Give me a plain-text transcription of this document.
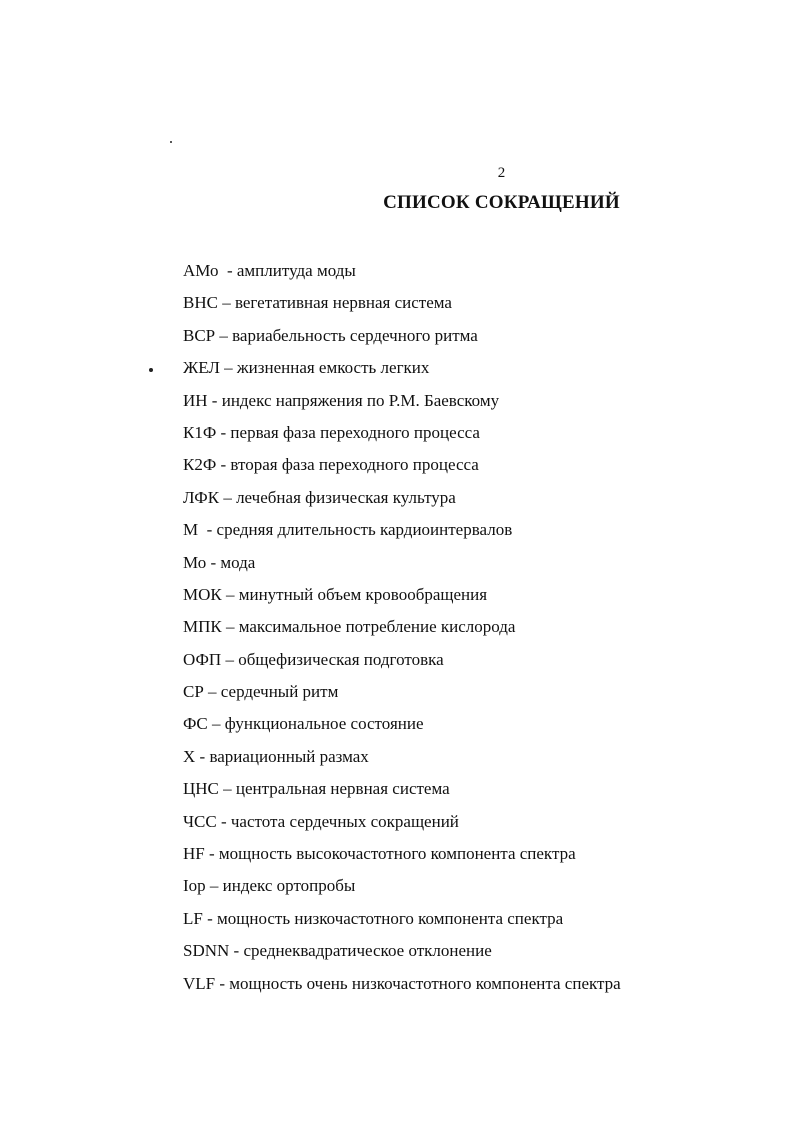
2
СПИСОК СОКРАЩЕНИЙ
АМо  - амплитуда моды
ВНС – вегетативная нервная система
ВСР – вариабельность сердечного ритма
ЖЕЛ – жизненная емкость легких
ИН - индекс напряжения по Р.М. Баевскому
К1Ф - первая фаза переходного процесса
К2Ф - вторая фаза переходного процесса
ЛФК – лечебная физическая культура
М  - средняя длительность кардиоинтервалов
Мо - мода
МОК – минутный объем кровообращения
МПК – максимальное потребление кислорода
ОФП – общефизическая подготовка
СР – сердечный ритм
ФС – функциональное состояние
Х - вариационный размах
ЦНС – центральная нервная система
ЧСС - частота сердечных сокращений
HF - мощность высокочастотного компонента спектра
Iop – индекс ортопробы
LF - мощность низкочастотного компонента спектра
SDNN - среднеквадратическое отклонение
VLF - мощность очень низкочастотного компонента спектра
